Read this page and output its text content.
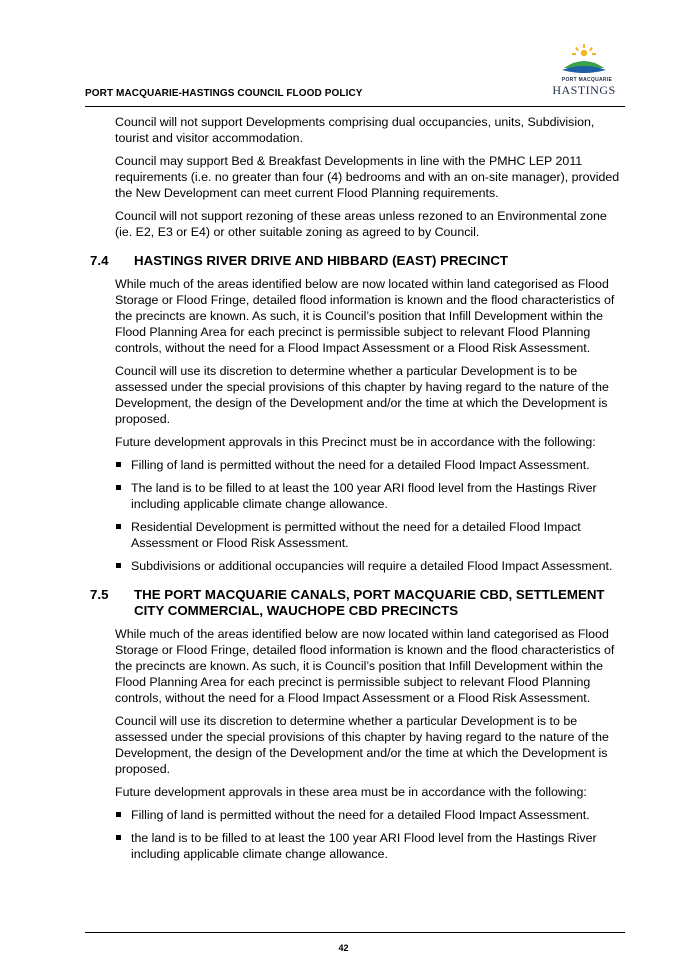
PORT MACQUARIE-HASTINGS COUNCIL FLOOD POLICY
PORT MACQUARIE
HASTINGS

Council will not support Developments comprising dual occupancies, units, Subdivision, tourist and visitor accommodation.

Council may support Bed & Breakfast Developments in line with the PMHC LEP 2011 requirements (i.e. no greater than four (4) bedrooms and with an on-site manager), provided the New Development can meet current Flood Planning requirements.

Council will not support rezoning of these areas unless rezoned to an Environmental zone (ie. E2, E3 or E4) or other suitable zoning as agreed to by Council.

7.4 HASTINGS RIVER DRIVE AND HIBBARD (EAST) PRECINCT

While much of the areas identified below are now located within land categorised as Flood Storage or Flood Fringe, detailed flood information is known and the flood characteristics of the precincts are known. As such, it is Council’s position that Infill Development within the Flood Planning Area for each precinct is permissible subject to relevant Flood Planning controls, without the need for a Flood Impact Assessment or a Flood Risk Assessment.

Council will use its discretion to determine whether a particular Development is to be assessed under the special provisions of this chapter by having regard to the nature of the Development, the design of the Development and/or the time at which the Development is proposed.

Future development approvals in this Precinct must be in accordance with the following:

Filling of land is permitted without the need for a detailed Flood Impact Assessment.
The land is to be filled to at least the 100 year ARI flood level from the Hastings River including applicable climate change allowance.
Residential Development is permitted without the need for a detailed Flood Impact Assessment or Flood Risk Assessment.
Subdivisions or additional occupancies will require a detailed Flood Impact Assessment.
7.5 THE PORT MACQUARIE CANALS, PORT MACQUARIE CBD, SETTLEMENT CITY COMMERCIAL, WAUCHOPE CBD PRECINCTS

While much of the areas identified below are now located within land categorised as Flood Storage or Flood Fringe, detailed flood information is known and the flood characteristics of the precincts are known. As such, it is Council’s position that Infill Development within the Flood Planning Area for each precinct is permissible subject to relevant Flood Planning controls, without the need for a Flood Impact Assessment or a Flood Risk Assessment.

Council will use its discretion to determine whether a particular Development is to be assessed under the special provisions of this chapter by having regard to the nature of the Development, the design of the Development and/or the time at which the Development is proposed.

Future development approvals in these area must be in accordance with the following:

Filling of land is permitted without the need for a detailed Flood Impact Assessment.
the land is to be filled to at least the 100 year ARI Flood level from the Hastings River including applicable climate change allowance.
42
